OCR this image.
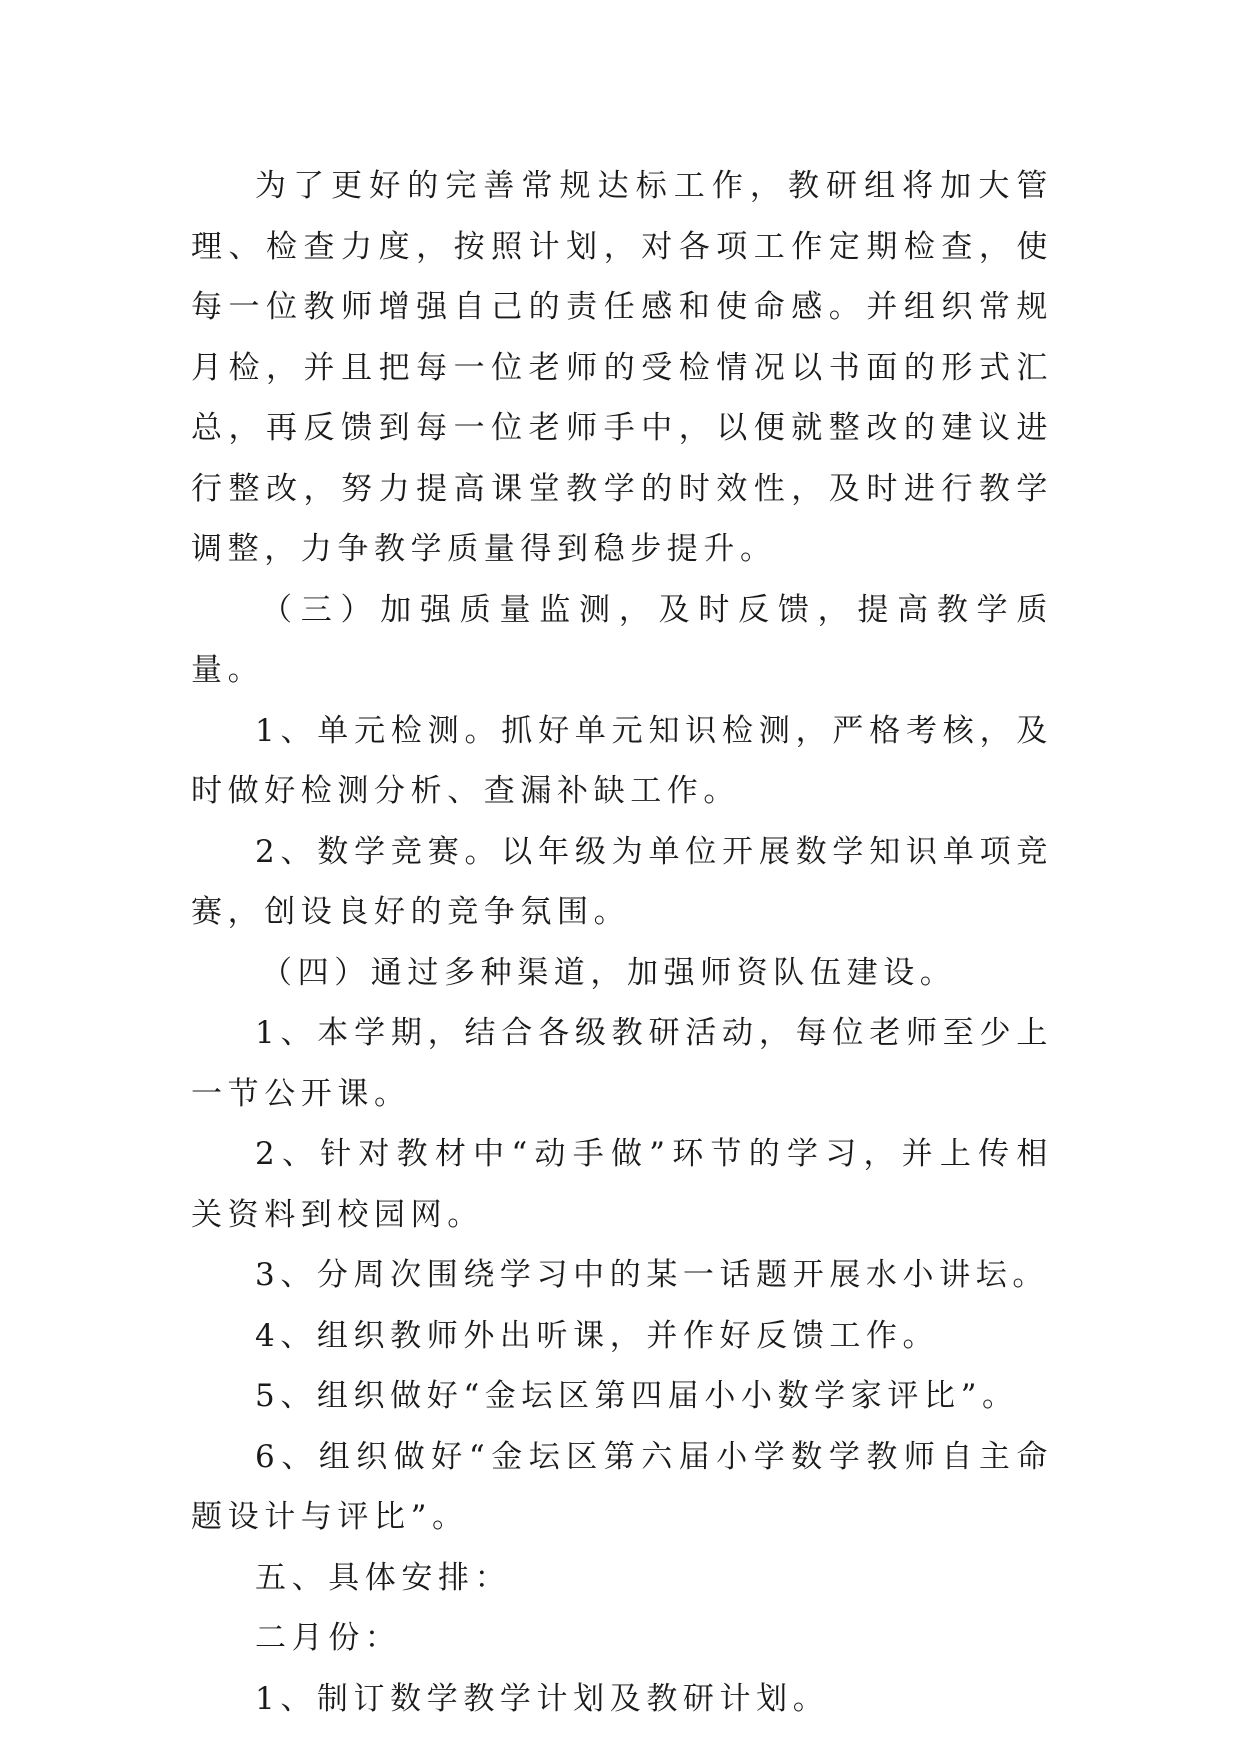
为了更好的完善常规达标工作，教研组将加大管理、检查力度，按照计划，对各项工作定期检查，使每一位教师增强自己的责任感和使命感。并组织常规月检，并且把每一位老师的受检情况以书面的形式汇总，再反馈到每一位老师手中，以便就整改的建议进行整改，努力提高课堂教学的时效性，及时进行教学调整，力争教学质量得到稳步提升。

（三）加强质量监测，及时反馈，提高教学质量。

1、单元检测。抓好单元知识检测，严格考核，及时做好检测分析、查漏补缺工作。

2、数学竞赛。以年级为单位开展数学知识单项竞赛，创设良好的竞争氛围。

（四）通过多种渠道，加强师资队伍建设。

1、本学期，结合各级教研活动，每位老师至少上一节公开课。

2、针对教材中“动手做”环节的学习，并上传相关资料到校园网。

3、分周次围绕学习中的某一话题开展水小讲坛。

4、组织教师外出听课，并作好反馈工作。

5、组织做好“金坛区第四届小小数学家评比”。

6、组织做好“金坛区第六届小学数学教师自主命题设计与评比”。

五、具体安排：

二月份：

1、制订数学教学计划及教研计划。
